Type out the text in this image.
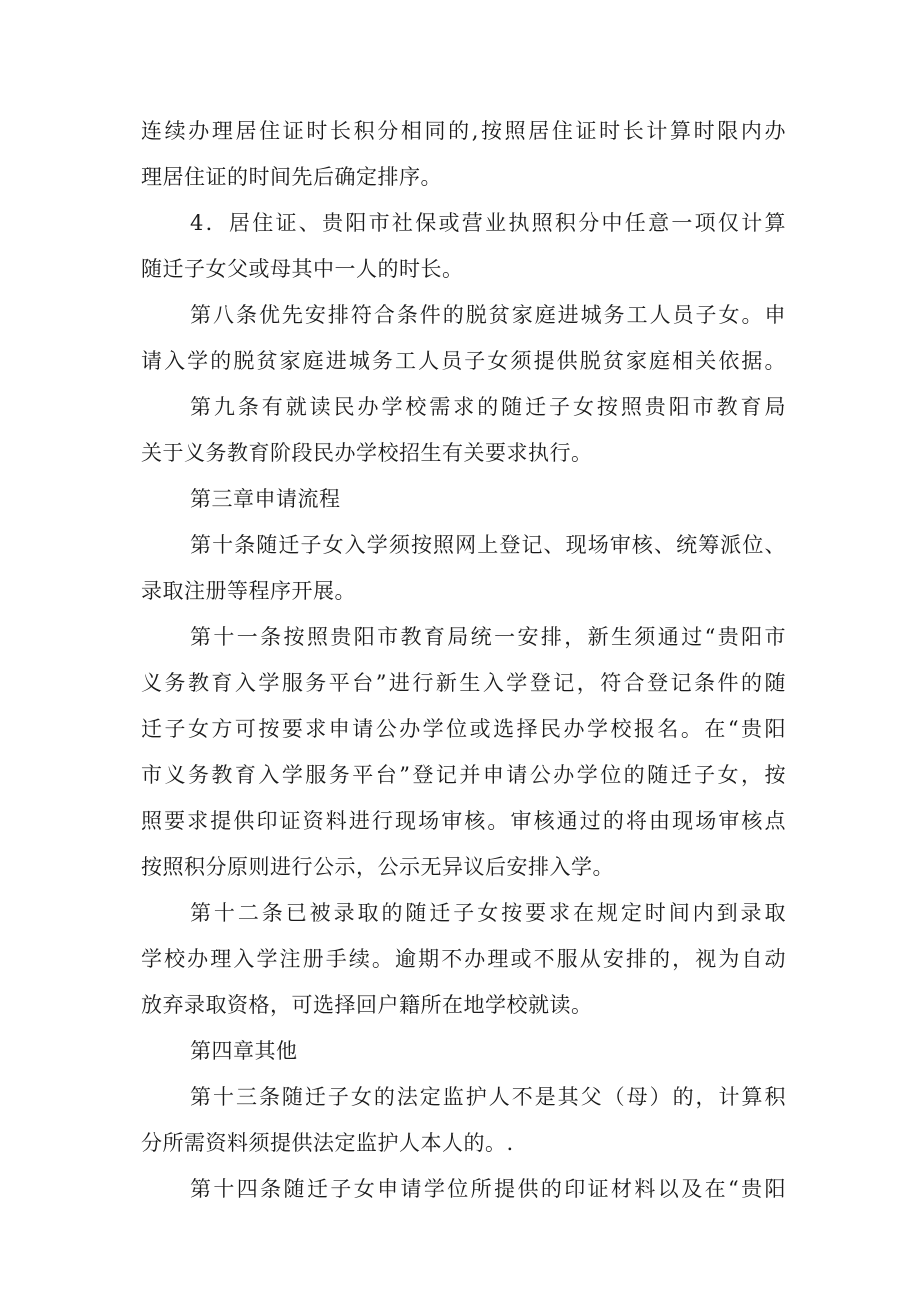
连续办理居住证时长积分相同的,按照居住证时长计算时限内办
理居住证的时间先后确定排序。
4．居住证、贵阳市社保或营业执照积分中任意一项仅计算
随迁子女父或母其中一人的时长。
第八条优先安排符合条件的脱贫家庭进城务工人员子女。申
请入学的脱贫家庭进城务工人员子女须提供脱贫家庭相关依据。
第九条有就读民办学校需求的随迁子女按照贵阳市教育局
关于义务教育阶段民办学校招生有关要求执行。
第三章申请流程
第十条随迁子女入学须按照网上登记、现场审核、统筹派位、
录取注册等程序开展。
第十一条按照贵阳市教育局统一安排，新生须通过“贵阳市
义务教育入学服务平台”进行新生入学登记，符合登记条件的随
迁子女方可按要求申请公办学位或选择民办学校报名。在“贵阳
市义务教育入学服务平台”登记并申请公办学位的随迁子女，按
照要求提供印证资料进行现场审核。审核通过的将由现场审核点
按照积分原则进行公示，公示无异议后安排入学。
第十二条已被录取的随迁子女按要求在规定时间内到录取
学校办理入学注册手续。逾期不办理或不服从安排的，视为自动
放弃录取资格，可选择回户籍所在地学校就读。
第四章其他
第十三条随迁子女的法定监护人不是其父（母）的，计算积
分所需资料须提供法定监护人本人的。.
第十四条随迁子女申请学位所提供的印证材料以及在“贵阳
